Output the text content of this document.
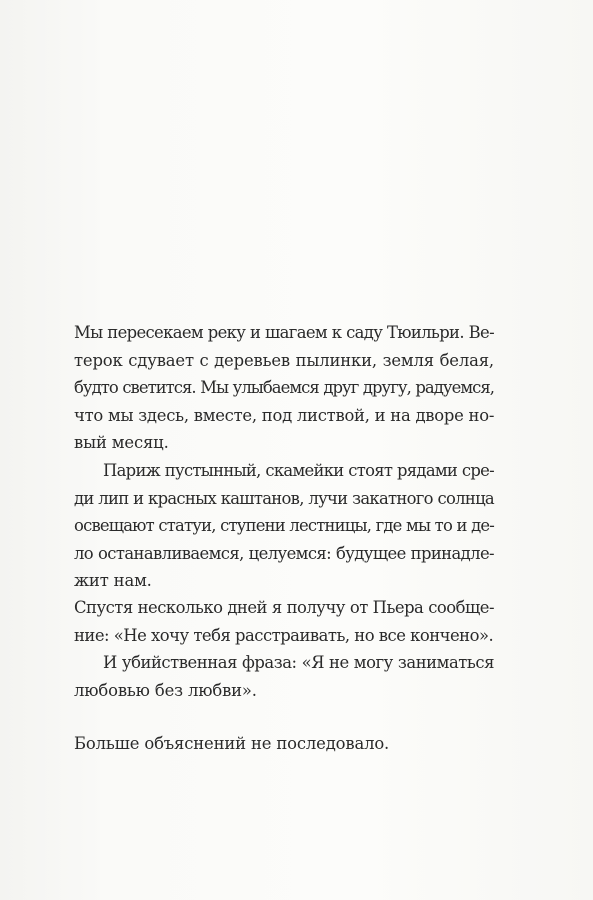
Мы пересекаем реку и шагаем к саду Тюильри. Ве-
терок сдувает с деревьев пылинки, земля белая,
будто светится. Мы улыбаемся друг другу, радуемся,
что мы здесь, вместе, под листвой, и на дворе но-
вый месяц.
Париж пустынный, скамейки стоят рядами сре-
ди лип и красных каштанов, лучи закатного солнца
освещают статуи, ступени лестницы, где мы то и де-
ло останавливаемся, целуемся: будущее принадле-
жит нам.
Спустя несколько дней я получу от Пьера сообще-
ние: «Не хочу тебя расстраивать, но все кончено».
И убийственная фраза: «Я не могу заниматься
любовью без любви».
Больше объяснений не последовало.
